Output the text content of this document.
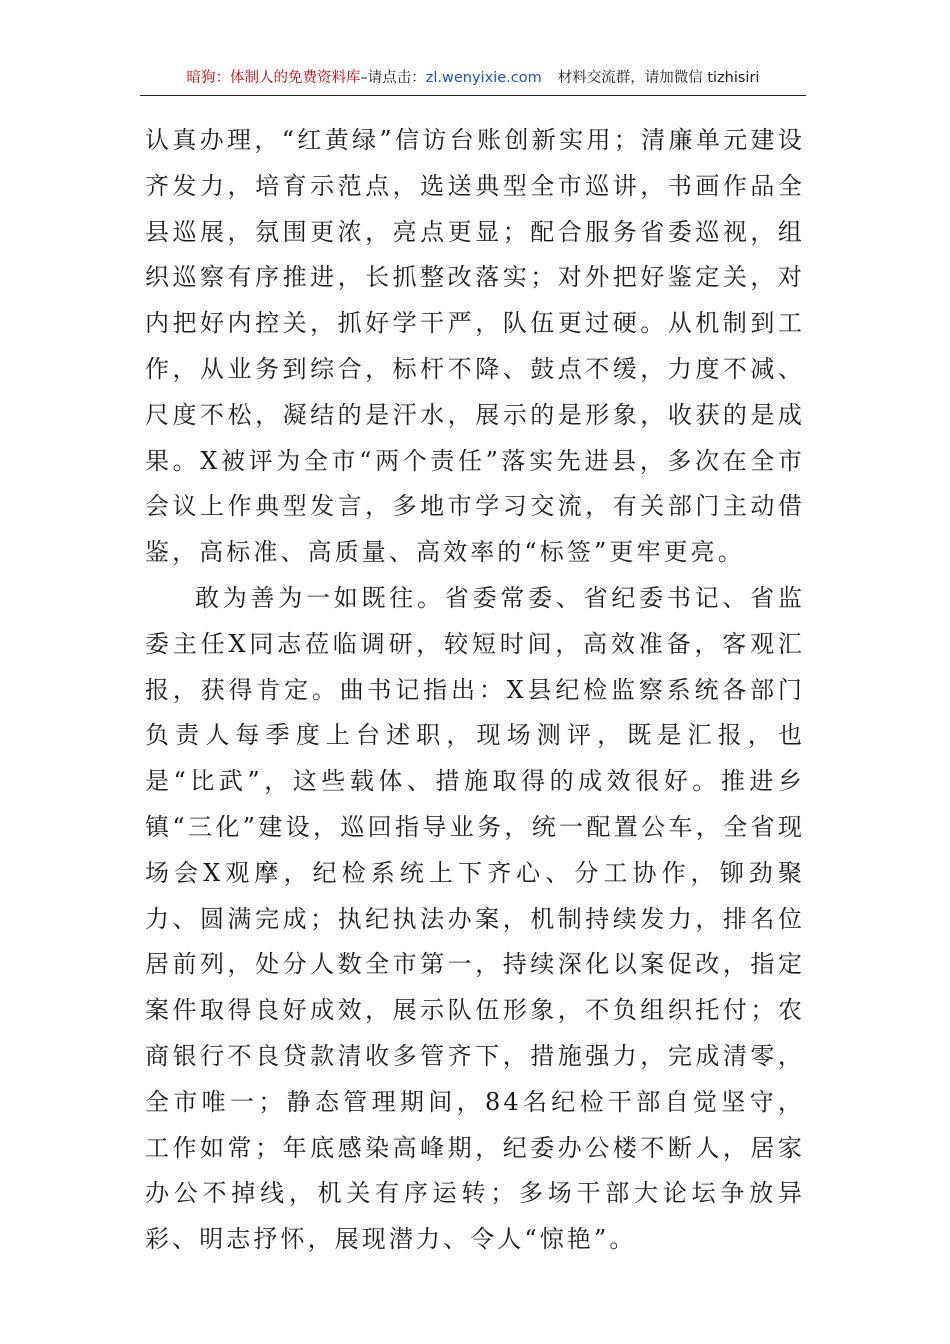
暗狗：体制人的免费资料库 –请点击： zl.wenyixie.com 材料交流群，请加微信 tizhisiri

认真办理，“红黄绿”信访台账创新实用；清廉单元建设齐发力，培育示范点，选送典型全市巡讲，书画作品全县巡展，氛围更浓，亮点更显；配合服务省委巡视，组织巡察有序推进，长抓整改落实；对外把好鉴定关，对内把好内控关，抓好学干严，队伍更过硬。从机制到工作，从业务到综合，标杆不降、鼓点不缓，力度不减、尺度不松，凝结的是汗水，展示的是形象，收获的是成果。X被评为全市“两个责任”落实先进县，多次在全市会议上作典型发言，多地市学习交流，有关部门主动借鉴，高标准、高质量、高效率的“标签”更牢更亮。

敢为善为一如既往。省委常委、省纪委书记、省监委主任X同志莅临调研，较短时间，高效准备，客观汇报，获得肯定。曲书记指出：X县纪检监察系统各部门负责人每季度上台述职，现场测评，既是汇报，也是“比武”，这些载体、措施取得的成效很好。推进乡镇“三化”建设，巡回指导业务，统一配置公车，全省现场会X观摩，纪检系统上下齐心、分工协作，铆劲聚力、圆满完成；执纪执法办案，机制持续发力，排名位居前列，处分人数全市第一，持续深化以案促改，指定案件取得良好成效，展示队伍形象，不负组织托付；农商银行不良贷款清收多管齐下，措施强力，完成清零，全市唯一；静态管理期间，84名纪检干部自觉坚守，工作如常；年底感染高峰期，纪委办公楼不断人，居家办公不掉线，机关有序运转；多场干部大论坛争放异彩、明志抒怀，展现潜力、令人“惊艳”。
